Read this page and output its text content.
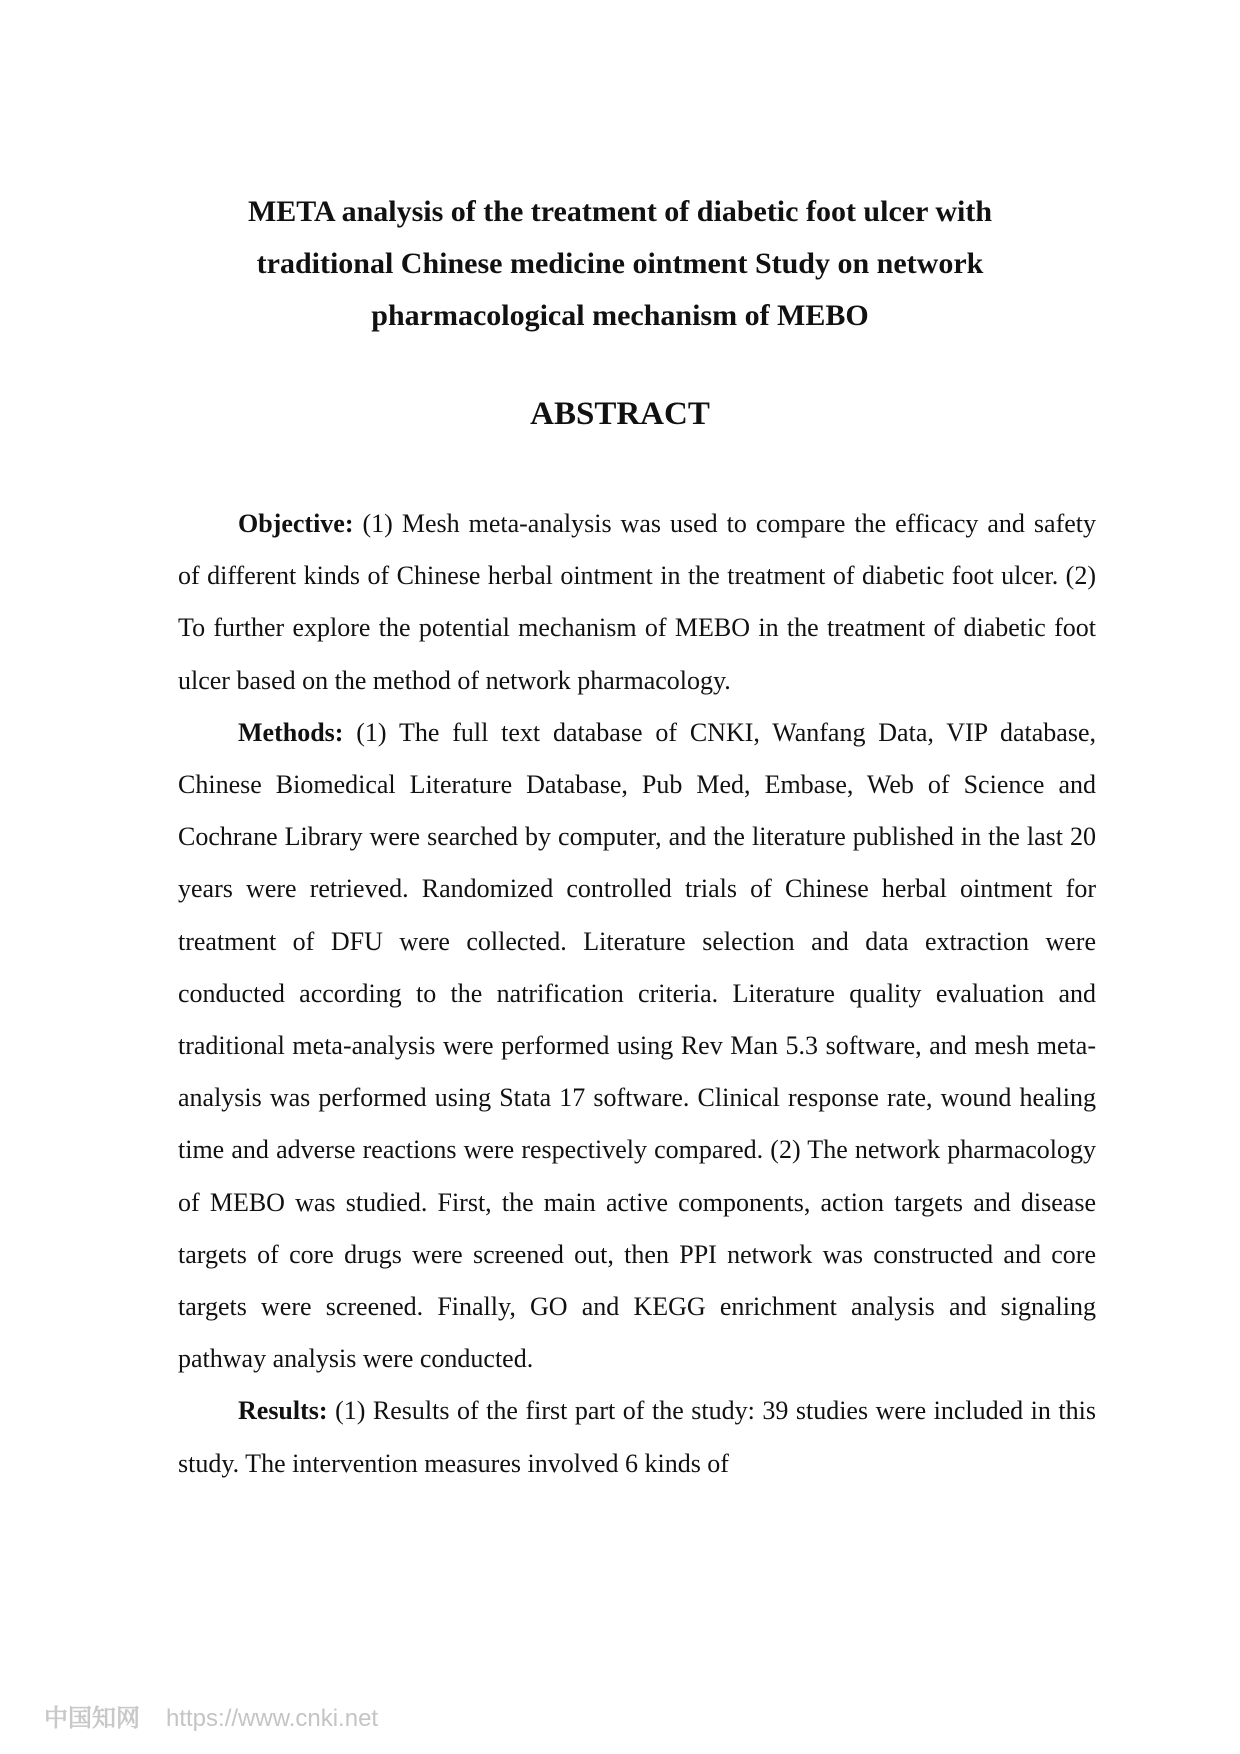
META analysis of the treatment of diabetic foot ulcer with
traditional Chinese medicine ointment Study on network
pharmacological mechanism of MEBO
ABSTRACT

Objective: (1) Mesh meta-analysis was used to compare the efficacy and safety of different kinds of Chinese herbal ointment in the treatment of diabetic foot ulcer. (2) To further explore the potential mechanism of MEBO in the treatment of diabetic foot ulcer based on the method of network pharmacology.

Methods: (1) The full text database of CNKI, Wanfang Data, VIP database, Chinese Biomedical Literature Database, Pub Med, Embase, Web of Science and Cochrane Library were searched by computer, and the literature published in the last 20 years were retrieved. Randomized controlled trials of Chinese herbal ointment for treatment of DFU were collected. Literature selection and data extraction were conducted according to the natrification criteria. Literature quality evaluation and traditional meta-analysis were performed using Rev Man 5.3 software, and mesh meta-analysis was performed using Stata 17 software. Clinical response rate, wound healing time and adverse reactions were respectively compared. (2) The network pharmacology of MEBO was studied. First, the main active components, action targets and disease targets of core drugs were screened out, then PPI network was constructed and core targets were screened. Finally, GO and KEGG enrichment analysis and signaling pathway analysis were conducted.

Results: (1) Results of the first part of the study: 39 studies were included in this study. The intervention measures involved 6 kinds of

中国知网 https://www.cnki.net
